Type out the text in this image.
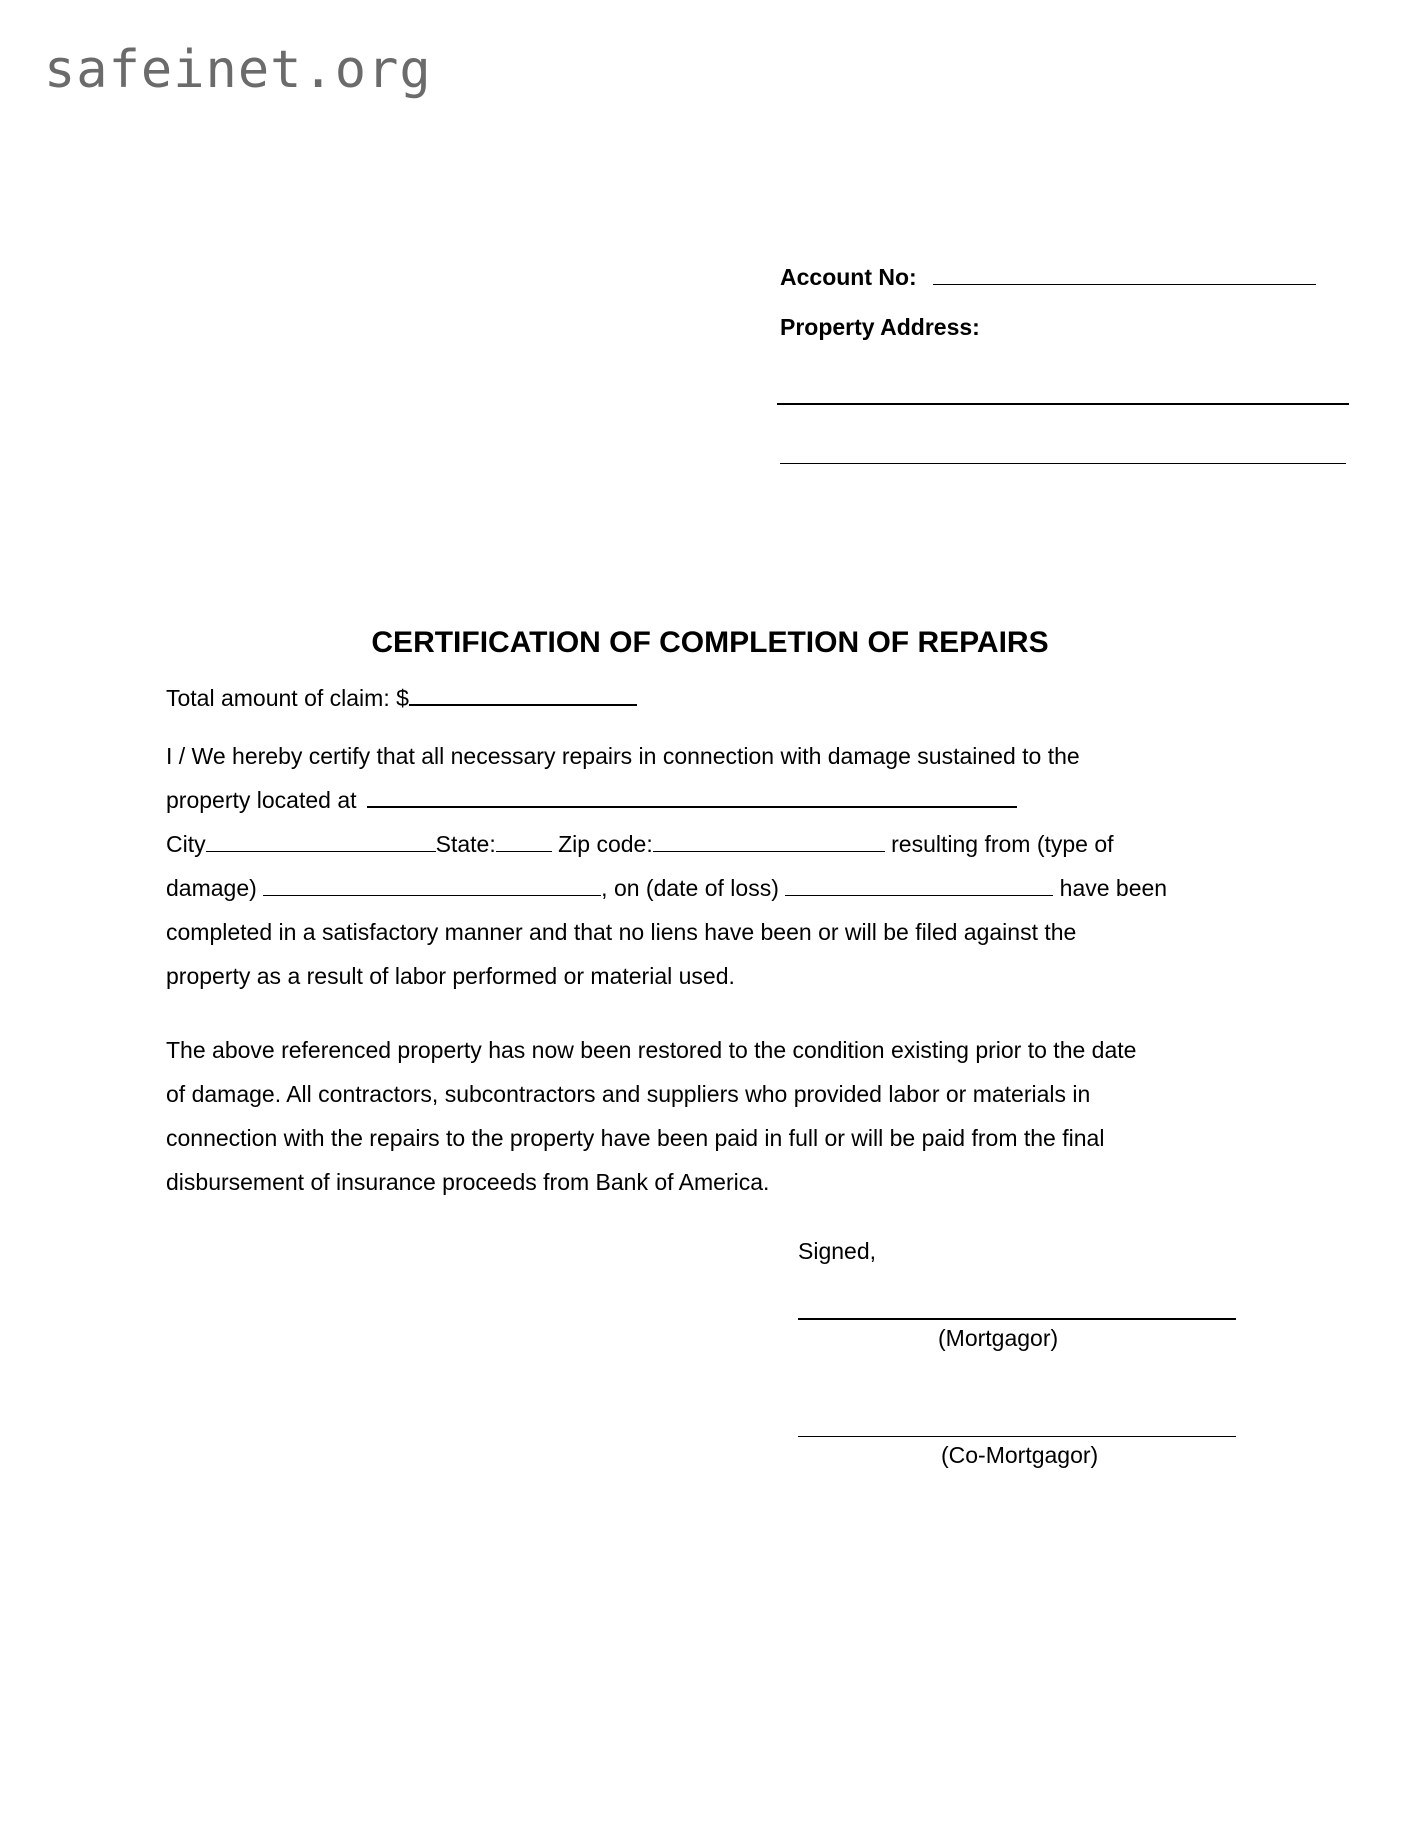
safeinet.org
Account No:
Property Address:
CERTIFICATION OF COMPLETION OF REPAIRS
Total amount of claim: $
I / We hereby certify that all necessary repairs in connection with damage sustained to the
property located at
City	State:	Zip code:	resulting from (type of
damage)	, on (date of loss)	have been
completed in a satisfactory manner and that no liens have been or will be filed against the
property as a result of labor performed or material used.
The above referenced property has now been restored to the condition existing prior to the date
of damage. All contractors, subcontractors and suppliers who provided labor or materials in
connection with the repairs to the property have been paid in full or will be paid from the final
disbursement of insurance proceeds from Bank of America.
Signed,
(Mortgagor)
(Co-Mortgagor)
